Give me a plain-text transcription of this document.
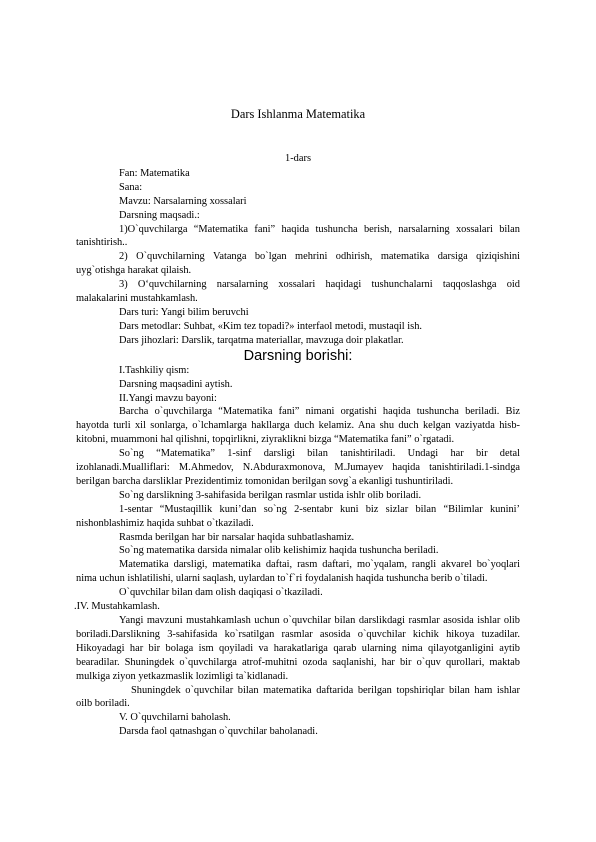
Dars Ishlanma Matematika

1-dars

Fan: Matematika

Sana:

Mavzu: Narsalarning xossalari

Darsning maqsadi.:

1)O`quvchilarga “Matematika fani” haqida tushuncha berish, narsalarning xossalari bilan tanishtirish..

2) O`quvchilarning Vatanga bo`lgan mehrini odhirish, matematika darsiga qiziqishini uyg`otishga harakat qilaish.

3) O‘quvchilarning narsalarning xossalari haqidagi tushunchalarni taqqoslashga oid malakalarini mustahkamlash.

Dars turi: Yangi bilim beruvchi

Dars metodlar: Suhbat, «Kim tez topadi?» interfaol metodi, mustaqil ish.

Dars jihozlari: Darslik, tarqatma materiallar, mavzuga doir plakatlar.

Darsning borishi:

I.Tashkiliy qism:

Darsning maqsadini aytish.

II.Yangi mavzu bayoni:

Barcha o`quvchilarga “Matematika fani” nimani orgatishi haqida tushuncha beriladi. Biz hayotda turli xil sonlarga, o`lchamlarga hakllarga duch kelamiz. Ana shu duch kelgan vaziyatda hisb-kitobni, muammoni hal qilishni, topqirlikni, ziyraklikni bizga “Matematika fani” o`rgatadi.

So`ng “Matematika” 1-sinf darsligi bilan tanishtiriladi. Undagi har bir detal izohlanadi.Mualliflari: M.Ahmedov, N.Abduraxmonova, M.Jumayev haqida tanishtiriladi.1-sindga berilgan barcha darsliklar Prezidentimiz tomonidan berilgan sovg`a ekanligi tushuntiriladi.

So`ng darslikning 3-sahifasida berilgan rasmlar ustida ishlr olib boriladi.

1-sentar “Mustaqillik kuni’dan so`ng 2-sentabr kuni biz sizlar bilan “Bilimlar kunini’ nishonblashimiz haqida suhbat o`tkaziladi.

Rasmda berilgan har bir narsalar haqida suhbatlashamiz.

So`ng matematika darsida nimalar olib kelishimiz haqida tushuncha beriladi.

Matematika darsligi, matematika daftai, rasm daftari, mo`yqalam, rangli akvarel bo`yoqlari nima uchun ishlatilishi, ularni saqlash, uylardan to`f`ri foydalanish haqida tushuncha berib o`tiladi.

O`quvchilar bilan dam olish daqiqasi o`tkaziladi.

.ΙV. Mustahkamlash.

Yangi mavzuni mustahkamlash uchun o`quvchilar bilan darslikdagi rasmlar asosida ishlar olib boriladi.Darslikning 3-sahifasida ko`rsatilgan rasmlar asosida o`quvchilar kichik hikoya tuzadilar. Hikoyadagi har bir bolaga ism qoyiladi va harakatlariga qarab ularning nima qilayotganligini aytib bearadilar. Shuningdek o`quvchilarga atrof-muhitni ozoda saqlanishi, har bir o`quv qurollari, maktab mulkiga ziyon yetkazmaslik lozimligi ta`kidlanadi.

Shuningdek o`quvchilar bilan matematika daftarida berilgan topshiriqlar bilan ham ishlar oilb boriladi.

V. O`quvchilarni baholash.

Darsda faol qatnashgan o`quvchilar baholanadi.
